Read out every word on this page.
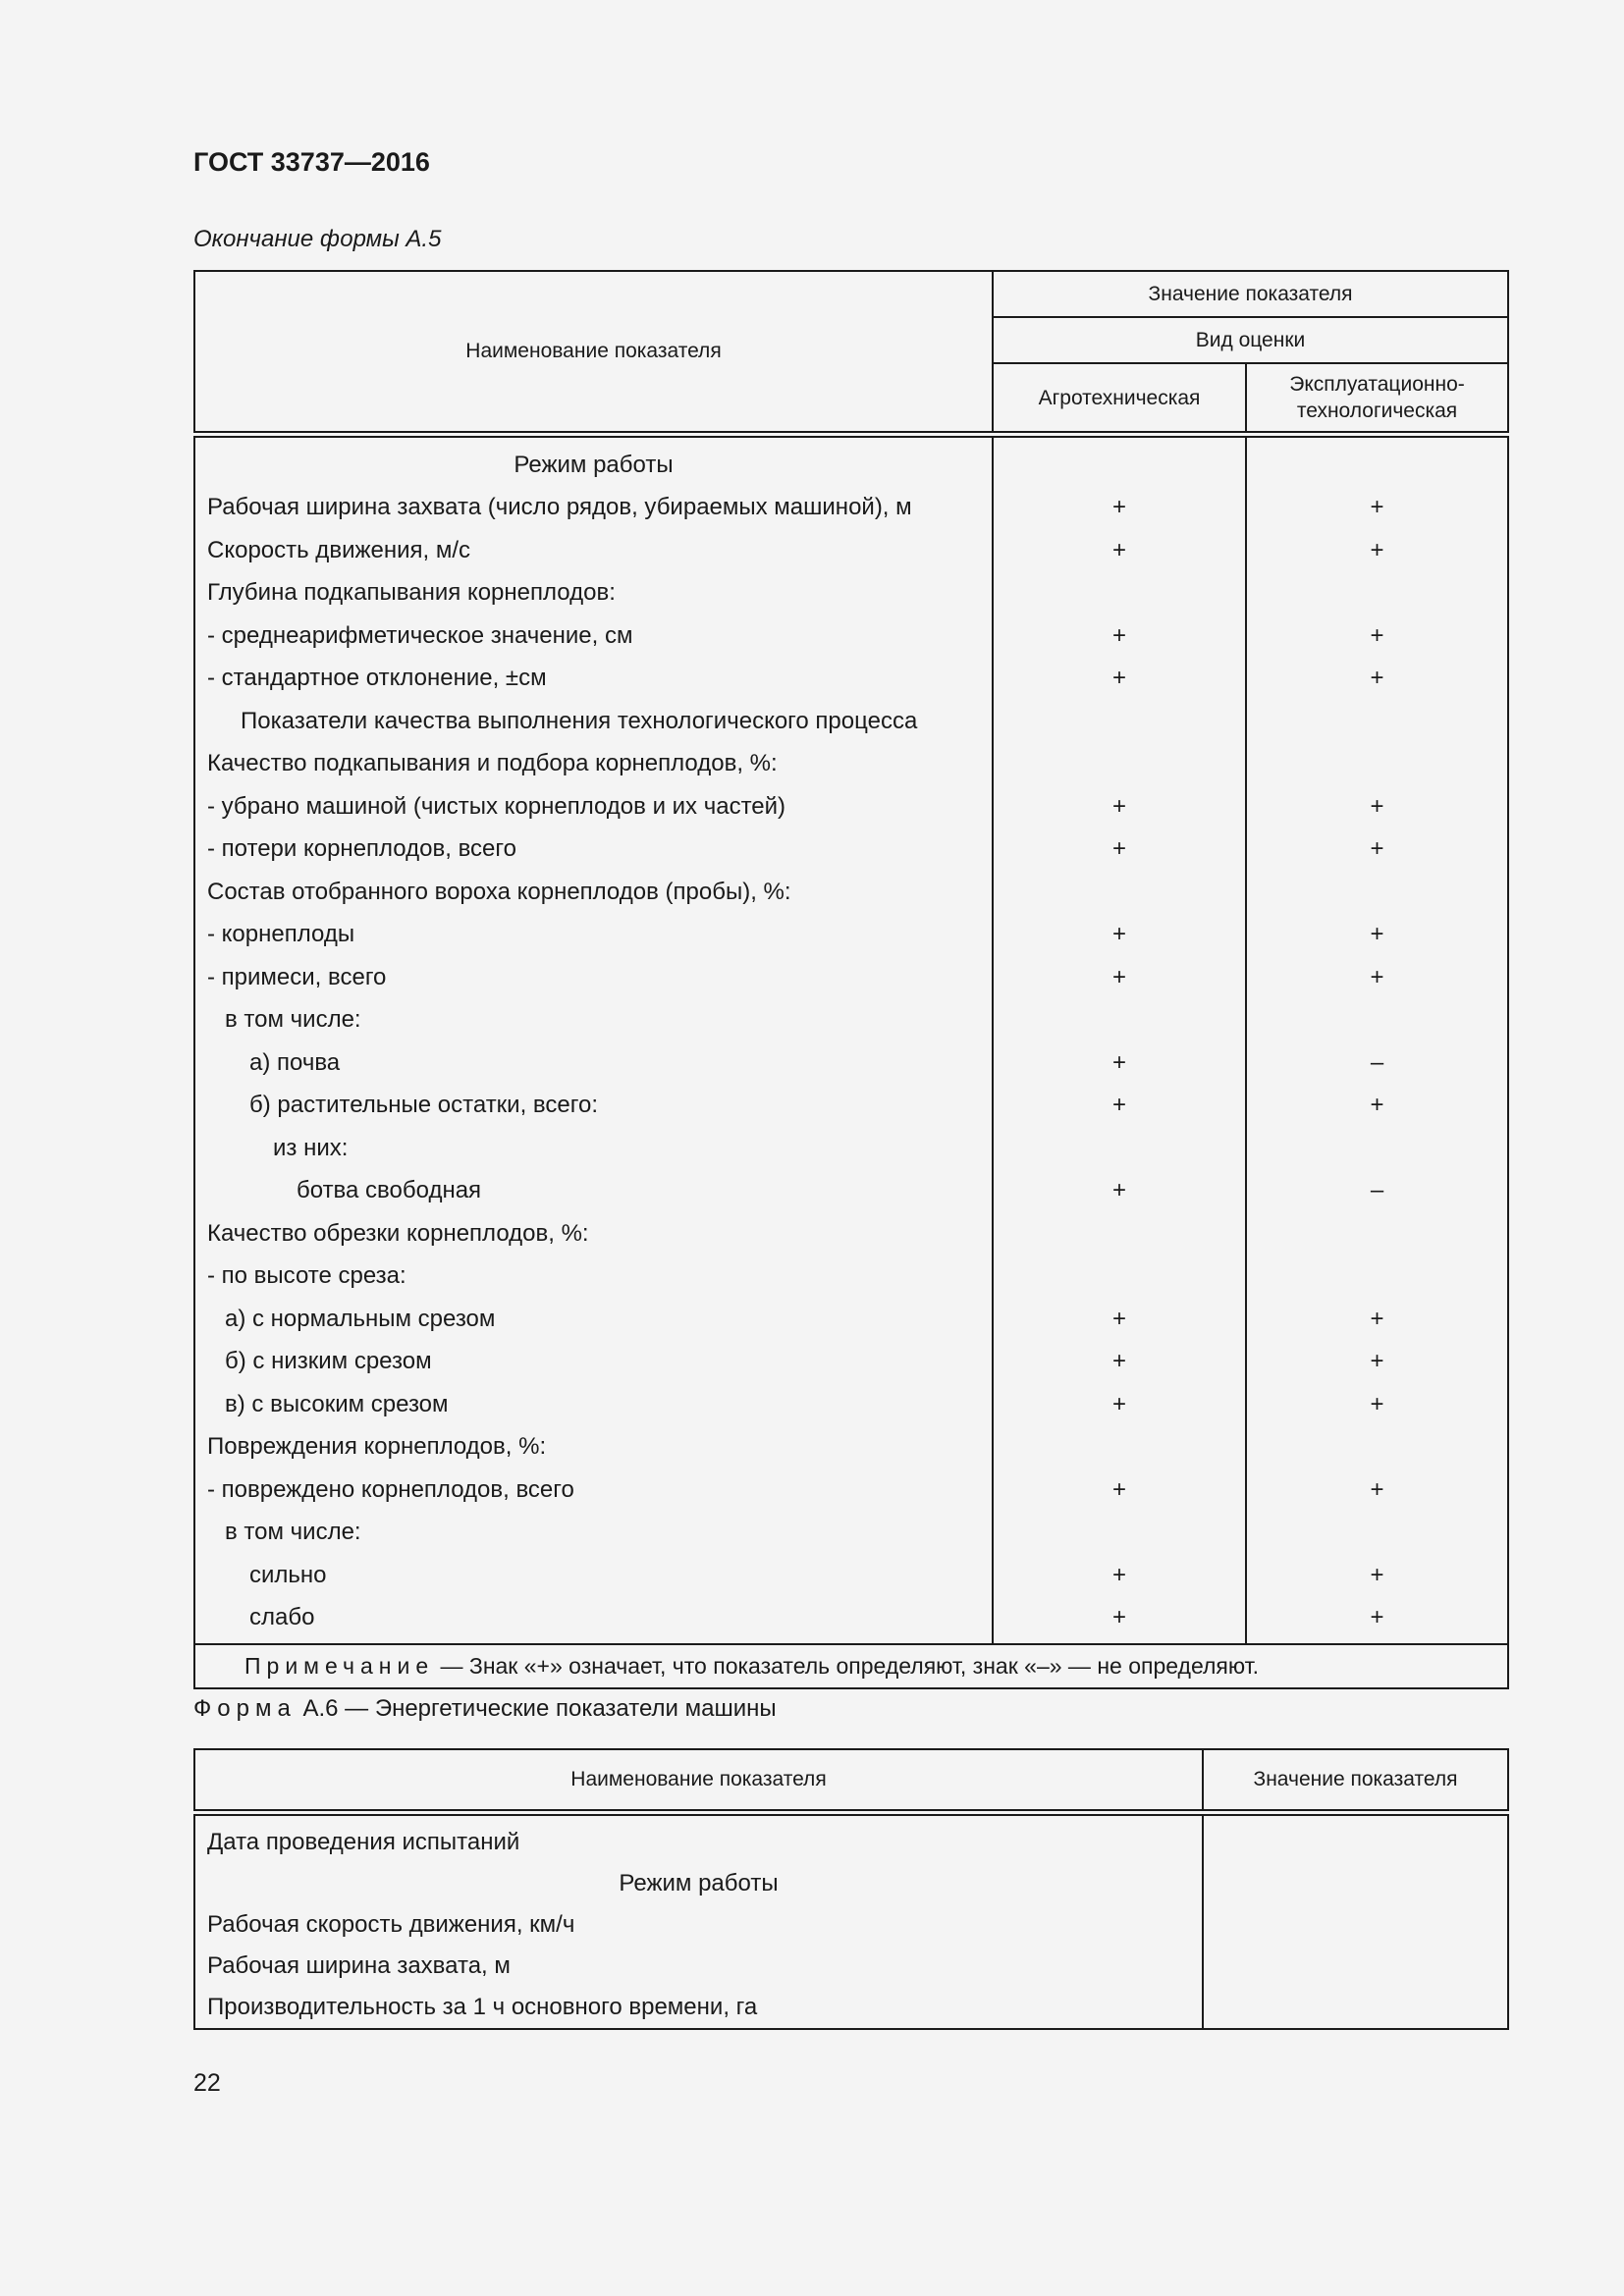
ГОСТ 33737—2016
Окончание формы А.5
Наименование показателя	Значение показателя	
	Вид оценки	
	Агротехническая	Эксплуатационно-
технологическая
Режим работы		
Рабочая ширина захвата (число рядов, убираемых машиной), м	+	+
Скорость движения, м/с	+	+
Глубина подкапывания корнеплодов:		
- среднеарифметическое значение, см	+	+
- стандартное отклонение, ±см	+	+
Показатели качества выполнения технологического процесса		
Качество подкапывания и подбора корнеплодов, %:		
- убрано машиной (чистых корнеплодов и их частей)	+	+
- потери корнеплодов, всего	+	+
Состав отобранного вороха корнеплодов (пробы), %:		
- корнеплоды	+	+
- примеси, всего	+	+
в том числе:		
а) почва	+	–
б) растительные остатки, всего:	+	+
из них:		
ботва свободная	+	–
Качество обрезки корнеплодов, %:		
- по высоте среза:		
а) с нормальным срезом	+	+
б) с низким срезом	+	+
в) с высоким срезом	+	+
Повреждения корнеплодов, %:		
- повреждено корнеплодов, всего	+	+
в том числе:		
сильно	+	+
слабо	+	+
Примечание — Знак «+» означает, что показатель определяют, знак «–» — не определяют.		
Форма А.6 — Энергетические показатели машины
Наименование показателя	Значение показателя
Дата проведения испытаний	
Режим работы	
Рабочая скорость движения, км/ч	
Рабочая ширина захвата, м	
Производительность за 1 ч основного времени, га	
22
